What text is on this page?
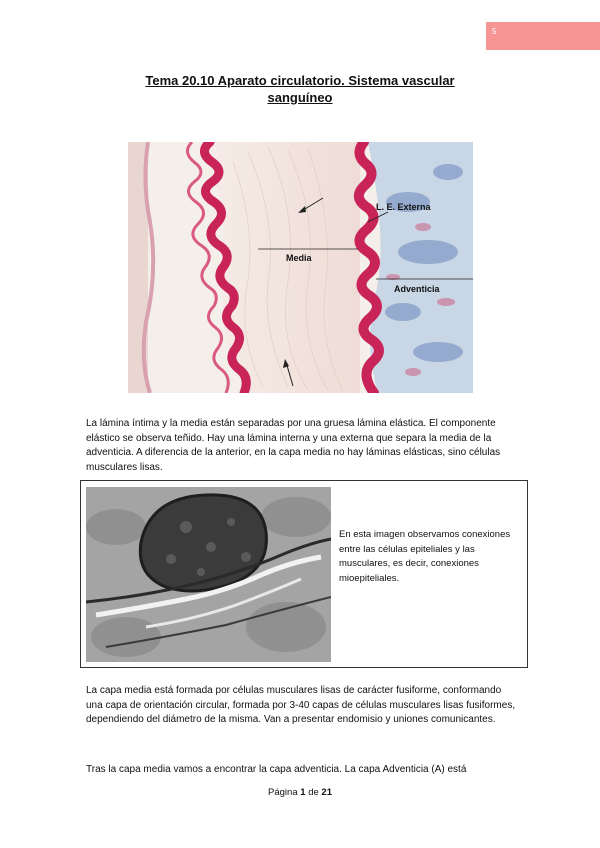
5
Tema 20.10 Aparato circulatorio. Sistema vascular
sanguíneo
L. E. Externa
Media
Adventicia
La lámina íntima y la media están separadas por una gruesa lámina elástica. El componente elástico se observa teñido. Hay una lámina interna y una externa que separa la media de la adventicia. A diferencia de la anterior, en la capa media no hay láminas elásticas, sino células musculares lisas.
En esta imagen observamos conexiones entre las células epiteliales y las musculares, es decir, conexiones mioepiteliales.
La capa media está formada por células musculares lisas de carácter fusiforme, conformando una capa de orientación circular, formada por 3-40 capas de células musculares lisas fusiformes, dependiendo del diámetro de la misma. Van a presentar endomisio y uniones comunicantes.
Tras la capa media vamos a encontrar la capa adventicia. La capa Adventicia (A) está
Página 1 de 21
